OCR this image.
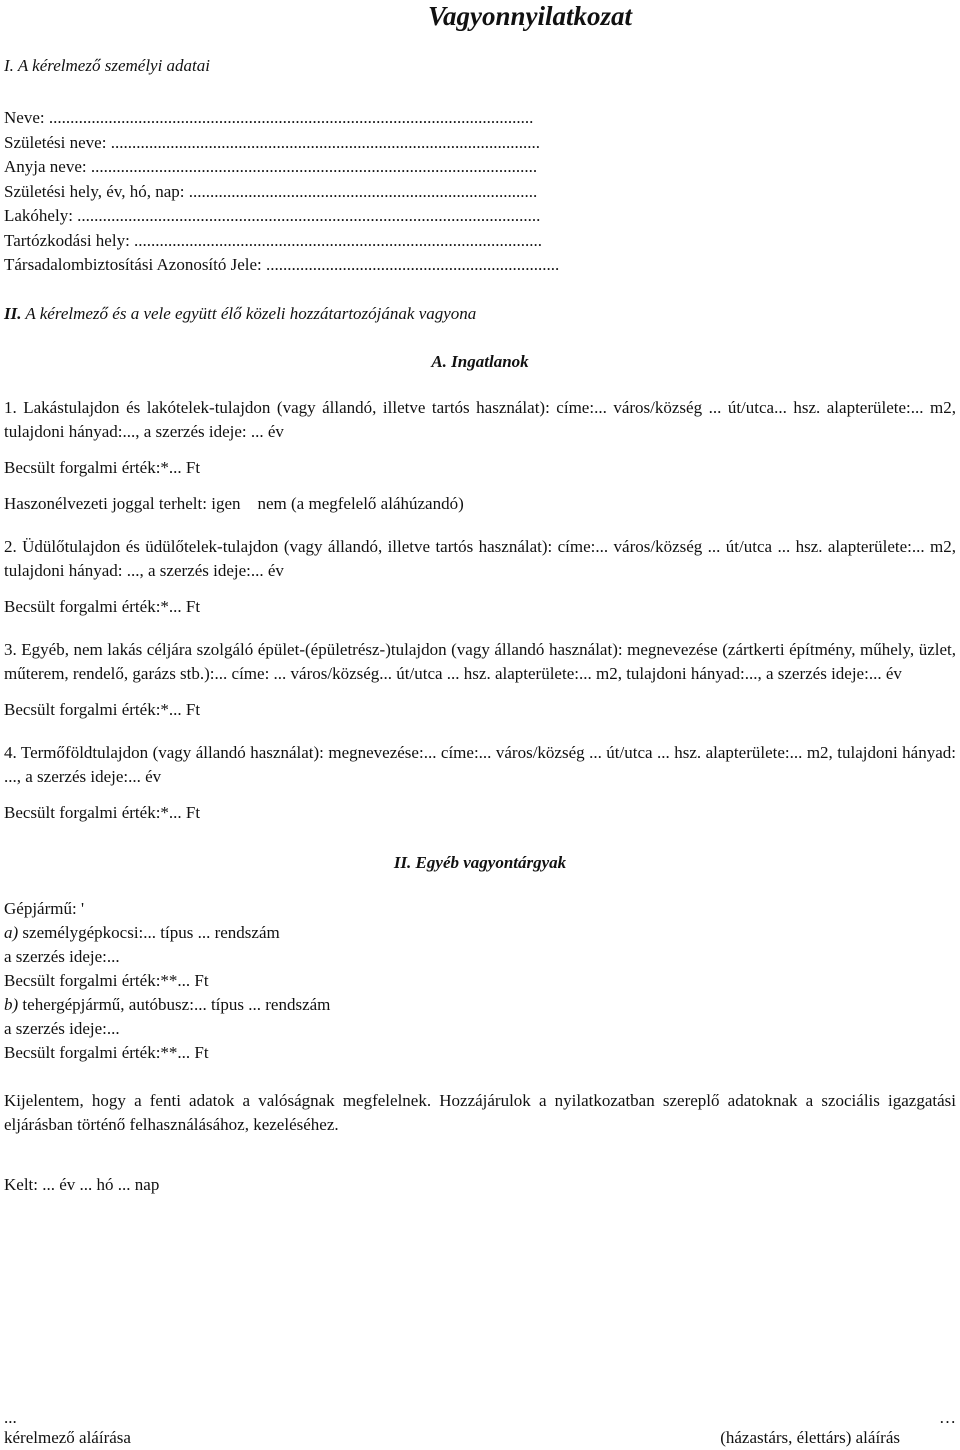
Vagyonnyilatkozat

I. A kérelmező személyi adatai

Neve: ..................................................................................................................
Születési neve: .....................................................................................................
Anyja neve: .........................................................................................................
Születési hely, év, hó, nap: ..................................................................................
Lakóhely: .............................................................................................................
Tartózkodási hely: ................................................................................................
Társadalombiztosítási Azonosító Jele: .....................................................................

II. A kérelmező és a vele együtt élő közeli hozzátartozójának vagyona

A. Ingatlanok

1. Lakástulajdon és lakótelek-tulajdon (vagy állandó, illetve tartós használat): címe:... város/község ... út/utca... hsz. alapterülete:... m2, tulajdoni hányad:..., a szerzés ideje: ... év

Becsült forgalmi érték:*... Ft

Haszonélvezeti joggal terhelt: igen    nem (a megfelelő aláhúzandó)

2. Üdülőtulajdon és üdülőtelek-tulajdon (vagy állandó, illetve tartós használat): címe:... város/község ... út/utca ... hsz. alapterülete:... m2, tulajdoni hányad: ..., a szerzés ideje:... év

Becsült forgalmi érték:*... Ft

3. Egyéb, nem lakás céljára szolgáló épület-(épületrész-)tulajdon (vagy állandó használat): megnevezése (zártkerti építmény, műhely, üzlet, műterem, rendelő, garázs stb.):... címe: ... város/község... út/utca ... hsz. alapterülete:... m2, tulajdoni hányad:..., a szerzés ideje:... év

Becsült forgalmi érték:*... Ft

4. Termőföldtulajdon (vagy állandó használat): megnevezése:... címe:... város/község ... út/utca ... hsz. alapterülete:... m2, tulajdoni hányad: ..., a szerzés ideje:... év

Becsült forgalmi érték:*... Ft

II. Egyéb vagyontárgyak

Gépjármű: '
a) személygépkocsi:... típus ... rendszám
a szerzés ideje:...
Becsült forgalmi érték:**... Ft
b) tehergépjármű, autóbusz:... típus ... rendszám
a szerzés ideje:...
Becsült forgalmi érték:**... Ft

Kijelentem, hogy a fenti adatok a valóságnak megfelelnek. Hozzájárulok a nyilatkozatban szereplő adatoknak a szociális igazgatási eljárásban történő felhasználásához, kezeléséhez.

Kelt: ... év ... hó ... nap

...	…
kérelmező aláírása	(házastárs, élettárs) aláírás
